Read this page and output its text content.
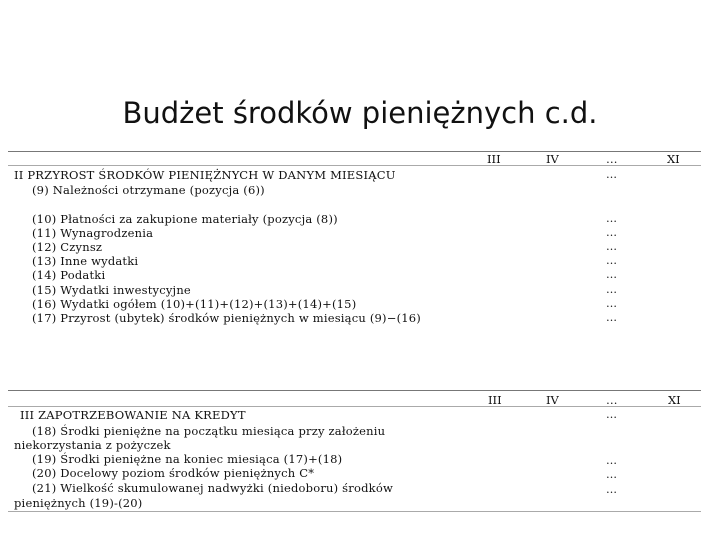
Budżet środków pieniężnych c.d.
III	IV	…	XI
II PRZYROST ŚRODKÓW PIENIĘŻNYCH W DANYM MIESIĄCU	…
(9) Należności otrzymane (pozycja (6))
(10) Płatności za zakupione materiały (pozycja (8))	…
(11) Wynagrodzenia	…
(12) Czynsz	…
(13) Inne wydatki	…
(14) Podatki	…
(15) Wydatki inwestycyjne	…
(16) Wydatki ogółem (10)+(11)+(12)+(13)+(14)+(15)	…
(17) Przyrost (ubytek) środków pieniężnych w miesiącu (9)−(16)	…
III	IV	…	XI
III ZAPOTRZEBOWANIE NA KREDYT	…
(18) Środki pieniężne na początku miesiąca przy założeniu
niekorzystania z pożyczek
(19) Środki pieniężne na koniec miesiąca (17)+(18)	…
(20) Docelowy poziom środków pieniężnych C*	…
(21) Wielkość skumulowanej nadwyżki (niedoboru) środków	…
pieniężnych (19)-(20)
